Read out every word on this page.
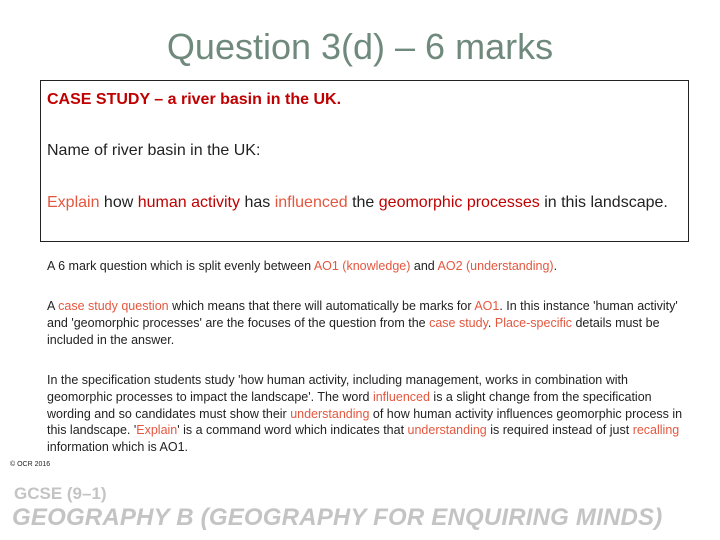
Question 3(d) – 6 marks
CASE STUDY – a river basin in the UK.
Name of river basin in the UK:
Explain how human activity has influenced the geomorphic processes in this landscape.
A 6 mark question which is split evenly between AO1 (knowledge) and AO2 (understanding).
A case study question which means that there will automatically be marks for AO1. In this instance 'human activity' and 'geomorphic processes' are the focuses of the question from the case study. Place-specific details must be included in the answer.
In the specification students study 'how human activity, including management, works in combination with geomorphic processes to impact the landscape'. The word influenced is a slight change from the specification wording and so candidates must show their understanding of how human activity influences geomorphic process in this landscape. 'Explain' is a command word which indicates that understanding is required instead of just recalling information which is AO1.
© OCR 2016
GCSE (9–1)
GEOGRAPHY B (GEOGRAPHY FOR ENQUIRING MINDS)
